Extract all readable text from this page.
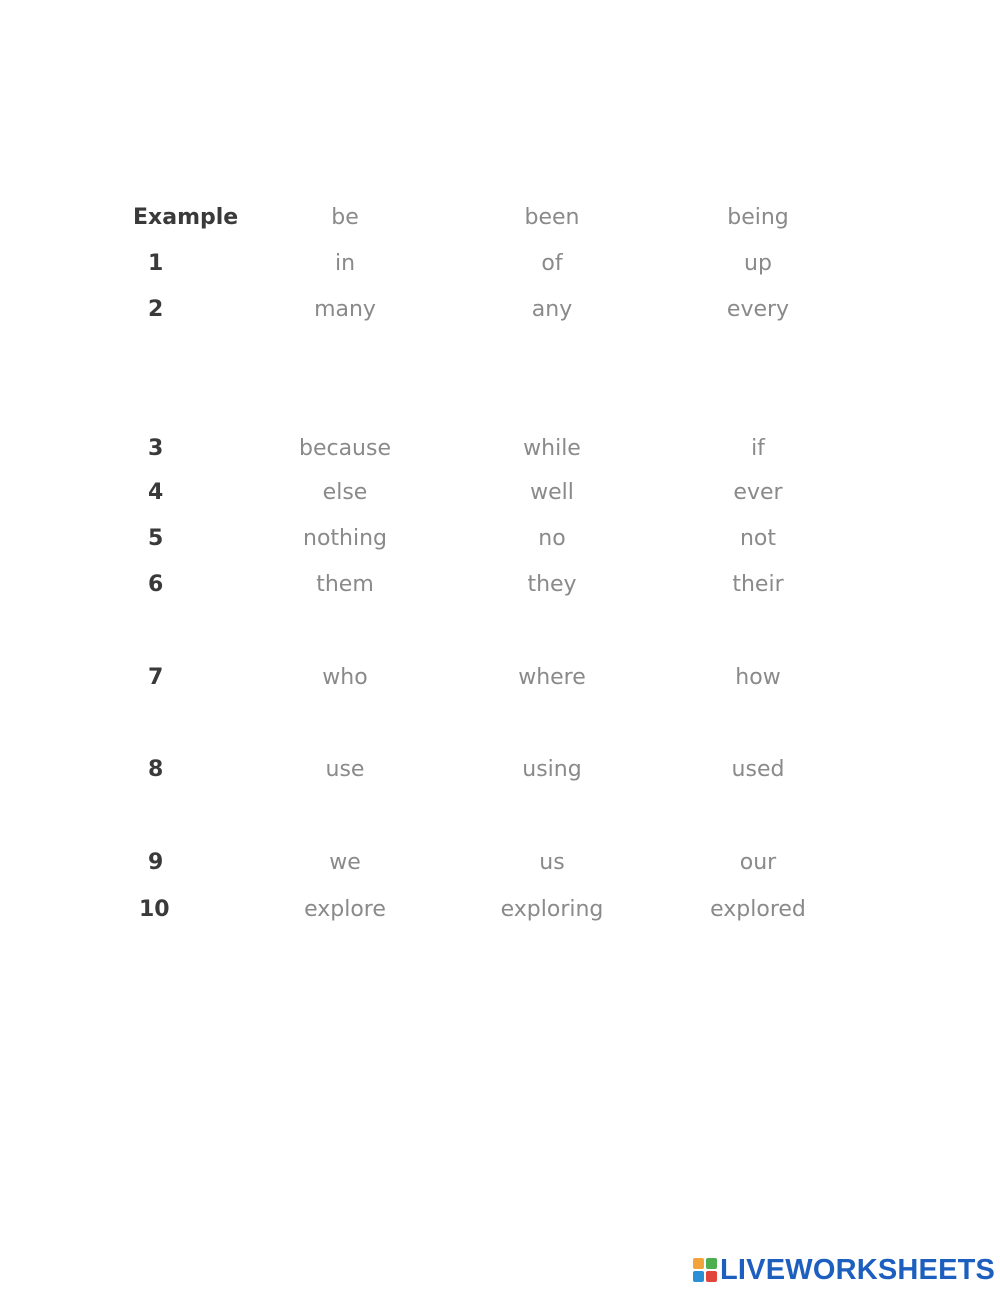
Example	be	been	being
1	in	of	up
2	many	any	every
3	because	while	if
4	else	well	ever
5	nothing	no	not
6	them	they	their
7	who	where	how
8	use	using	used
9	we	us	our
10	explore	exploring	explored
LIVEWORKSHEETS
